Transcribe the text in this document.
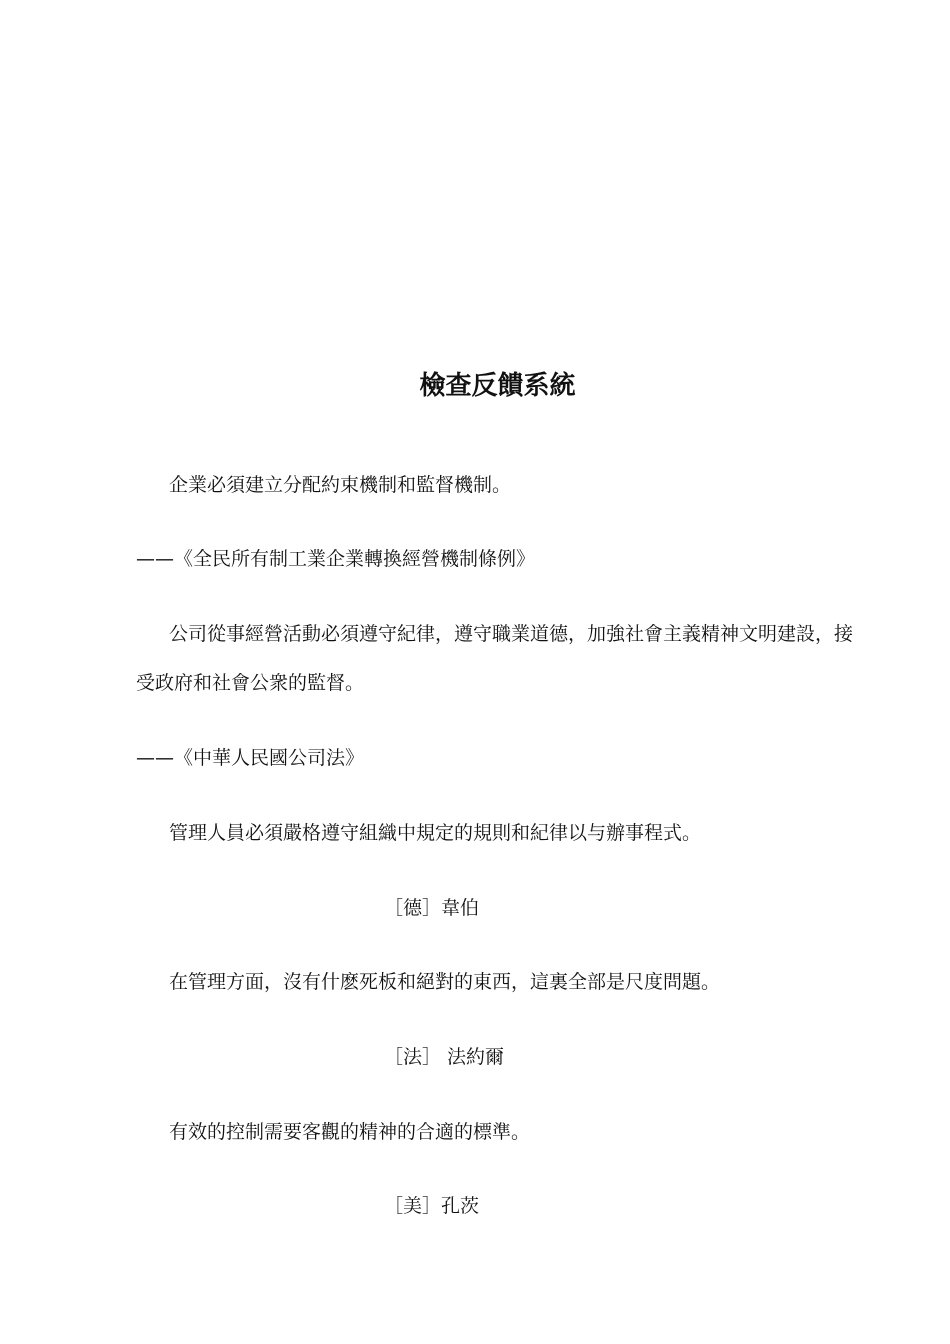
檢查反饋系統
企業必須建立分配約束機制和監督機制。
——《全民所有制工業企業轉換經營機制條例》
公司從事經營活動必須遵守紀律，遵守職業道德，加強社會主義精神文明建設，接
受政府和社會公衆的監督。
——《中華人民國公司法》
管理人員必須嚴格遵守組織中規定的規則和紀律以与辦事程式。
［德］韋伯
在管理方面，沒有什麽死板和絕對的東西，這裏全部是尺度問題。
［法］ 法約爾
有效的控制需要客觀的精神的合適的標準。
［美］孔茨
